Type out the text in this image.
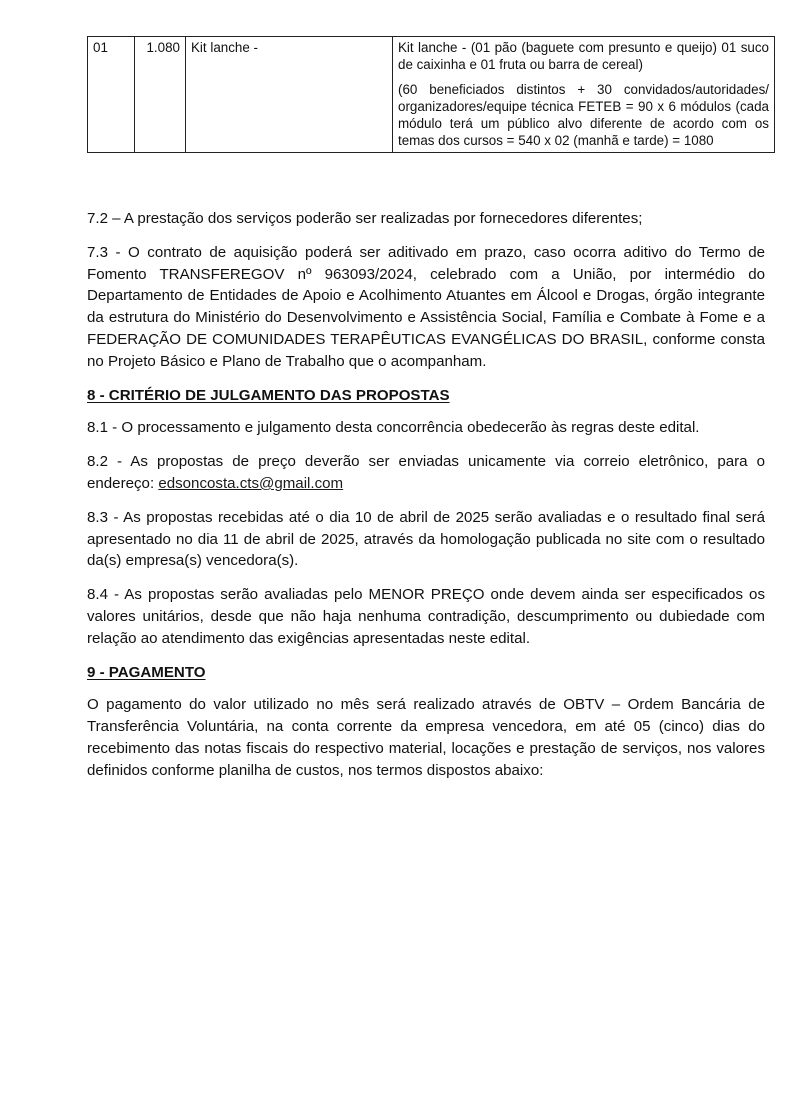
01	1.080	Kit lanche -	Kit lanche - (01 pão (baguete com presunto e queijo) 01 suco de caixinha e 01 fruta ou barra de cereal)

(60 beneficiados distintos + 30 convidados/autoridades/ organizadores/equipe técnica FETEB = 90 x 6 módulos (cada módulo terá um público alvo diferente de acordo com os temas dos cursos = 540 x 02 (manhã e tarde) = 1080

7.2 – A prestação dos serviços poderão ser realizadas por fornecedores diferentes;

7.3 - O contrato de aquisição poderá ser aditivado em prazo, caso ocorra aditivo do Termo de Fomento TRANSFEREGOV nº 963093/2024, celebrado com a União, por intermédio do Departamento de Entidades de Apoio e Acolhimento Atuantes em Álcool e Drogas, órgão integrante da estrutura do Ministério do Desenvolvimento e Assistência Social, Família e Combate à Fome e a FEDERAÇÃO DE COMUNIDADES TERAPÊUTICAS EVANGÉLICAS DO BRASIL, conforme consta no Projeto Básico e Plano de Trabalho que o acompanham.

8 - CRITÉRIO DE JULGAMENTO DAS PROPOSTAS

8.1 - O processamento e julgamento desta concorrência obedecerão às regras deste edital.

8.2 - As propostas de preço deverão ser enviadas unicamente via correio eletrônico, para o endereço: edsoncosta.cts@gmail.com

8.3 - As propostas recebidas até o dia 10 de abril de 2025 serão avaliadas e o resultado final será apresentado no dia 11 de abril de 2025, através da homologação publicada no site com o resultado da(s) empresa(s) vencedora(s).

8.4 - As propostas serão avaliadas pelo MENOR PREÇO onde devem ainda ser especificados os valores unitários, desde que não haja nenhuma contradição, descumprimento ou dubiedade com relação ao atendimento das exigências apresentadas neste edital.

9 - PAGAMENTO

O pagamento do valor utilizado no mês será realizado através de OBTV – Ordem Bancária de Transferência Voluntária, na conta corrente da empresa vencedora, em até 05 (cinco) dias do recebimento das notas fiscais do respectivo material, locações e prestação de serviços, nos valores definidos conforme planilha de custos, nos termos dispostos abaixo:
